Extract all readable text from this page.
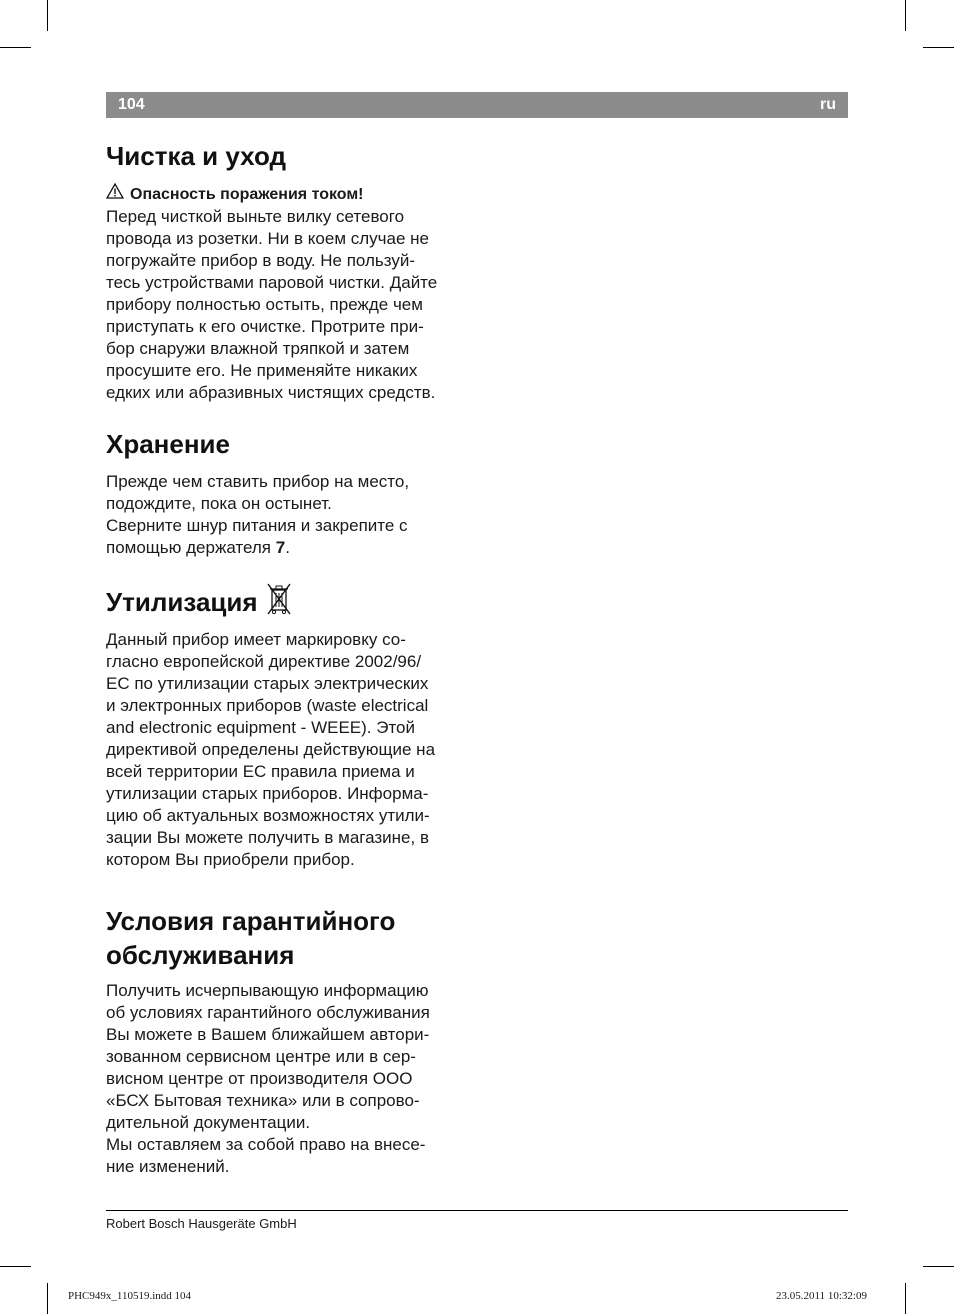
104	ru
Чистка и уход
Опасность поражения током!

Перед чисткой выньте вилку сетевого

провода из розетки. Ни в коем случае не

погружайте прибор в воду. Не пользуй-

тесь устройствами паровой чистки. Дайте

прибору полностью остыть, прежде чем

приступать к его очистке. Протрите при-

бор снаружи влажной тряпкой и затем

просушите его. Не применяйте никаких

едких или абразивных чистящих средств.

Хранение

Прежде чем ставить прибор на место,

подождите, пока он остынет.

Сверните шнур питания и закрепите с

помощью держателя 7.

Утилизация

Данный прибор имеет маркировку со-

гласно европейской директиве 2002/96/

EC по утилизации старых электрических

и электронных приборов (waste electrical

and electronic equipment - WEEE). Этой

директивой определены действующие на

всей территории ЕС правила приема и

утилизации старых приборов. Информа-

цию об актуальных возможностях утили-

зации Вы можете получить в магазине, в

котором Вы приобрели прибор.

Условия гарантийного
обслуживания

Получить исчерпывающую информацию

об условиях гарантийного обслуживания

Вы можете в Вашем ближайшем автори-

зованном сервисном центре или в сер-

висном центре от производителя ООО

«БСХ Бытовая техника» или в сопрово-

дительной документации.

Мы оставляем за собой право на внесе-

ние изменений.

Robert Bosch Hausgeräte GmbH
PHC949x_110519.indd 104	23.05.2011 10:32:09
